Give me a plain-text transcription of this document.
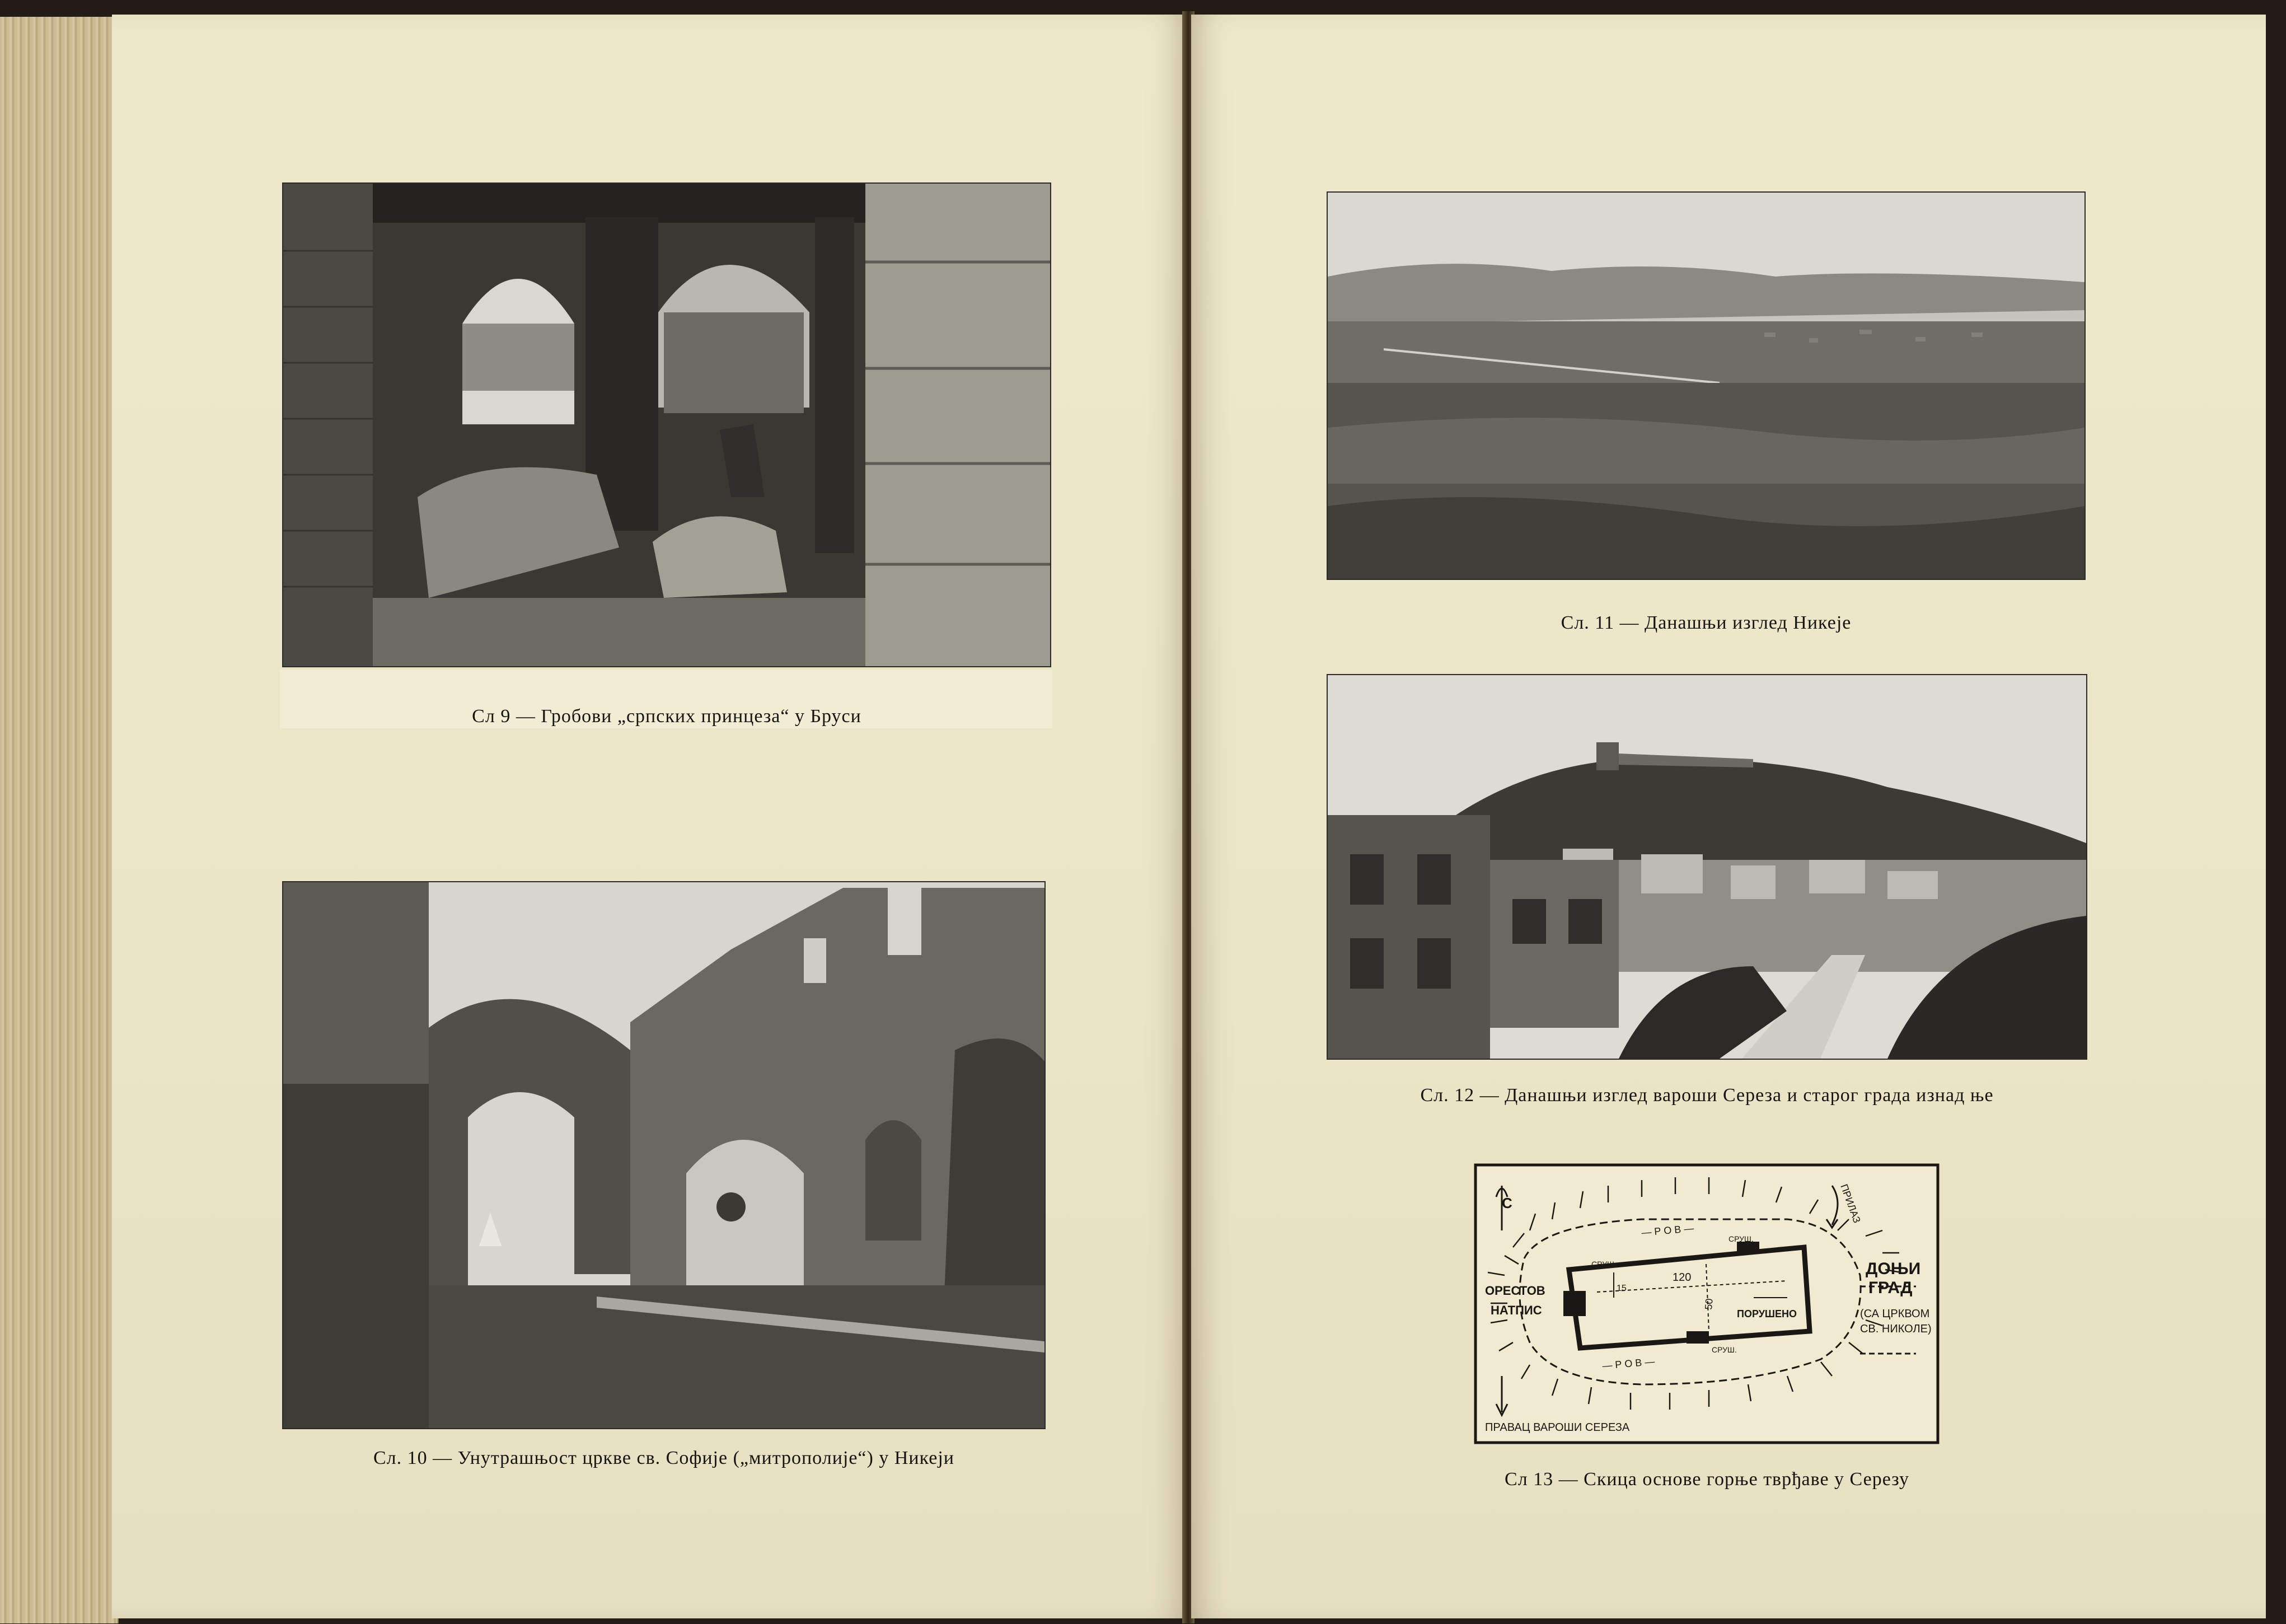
Сл 9 — Гробови „српских принцеза“ у Бруси
Сл. 10 — Унутрашњост цркве св. Софије („митрополије“) у Никеји
Сл. 11 — Данашњи изглед Никеје
Сл. 12 — Данашњи изглед вароши Сереза и старог града изнад ње
С	ПРИЛАЗ
ОРЕСТОВ
НАТПИС
ДОЊИ
ГРАД
(СА ЦРКВОМ
СВ. НИКОЛЕ)
— Р О В —
— Р О В —
ПОРУШЕНО
120
50
15
СРУШ.
СРУШ.
СРУШ.
ПРАВАЦ ВАРОШИ СЕРЕЗА
Сл 13 — Скица основе горње тврђаве у Серезу
